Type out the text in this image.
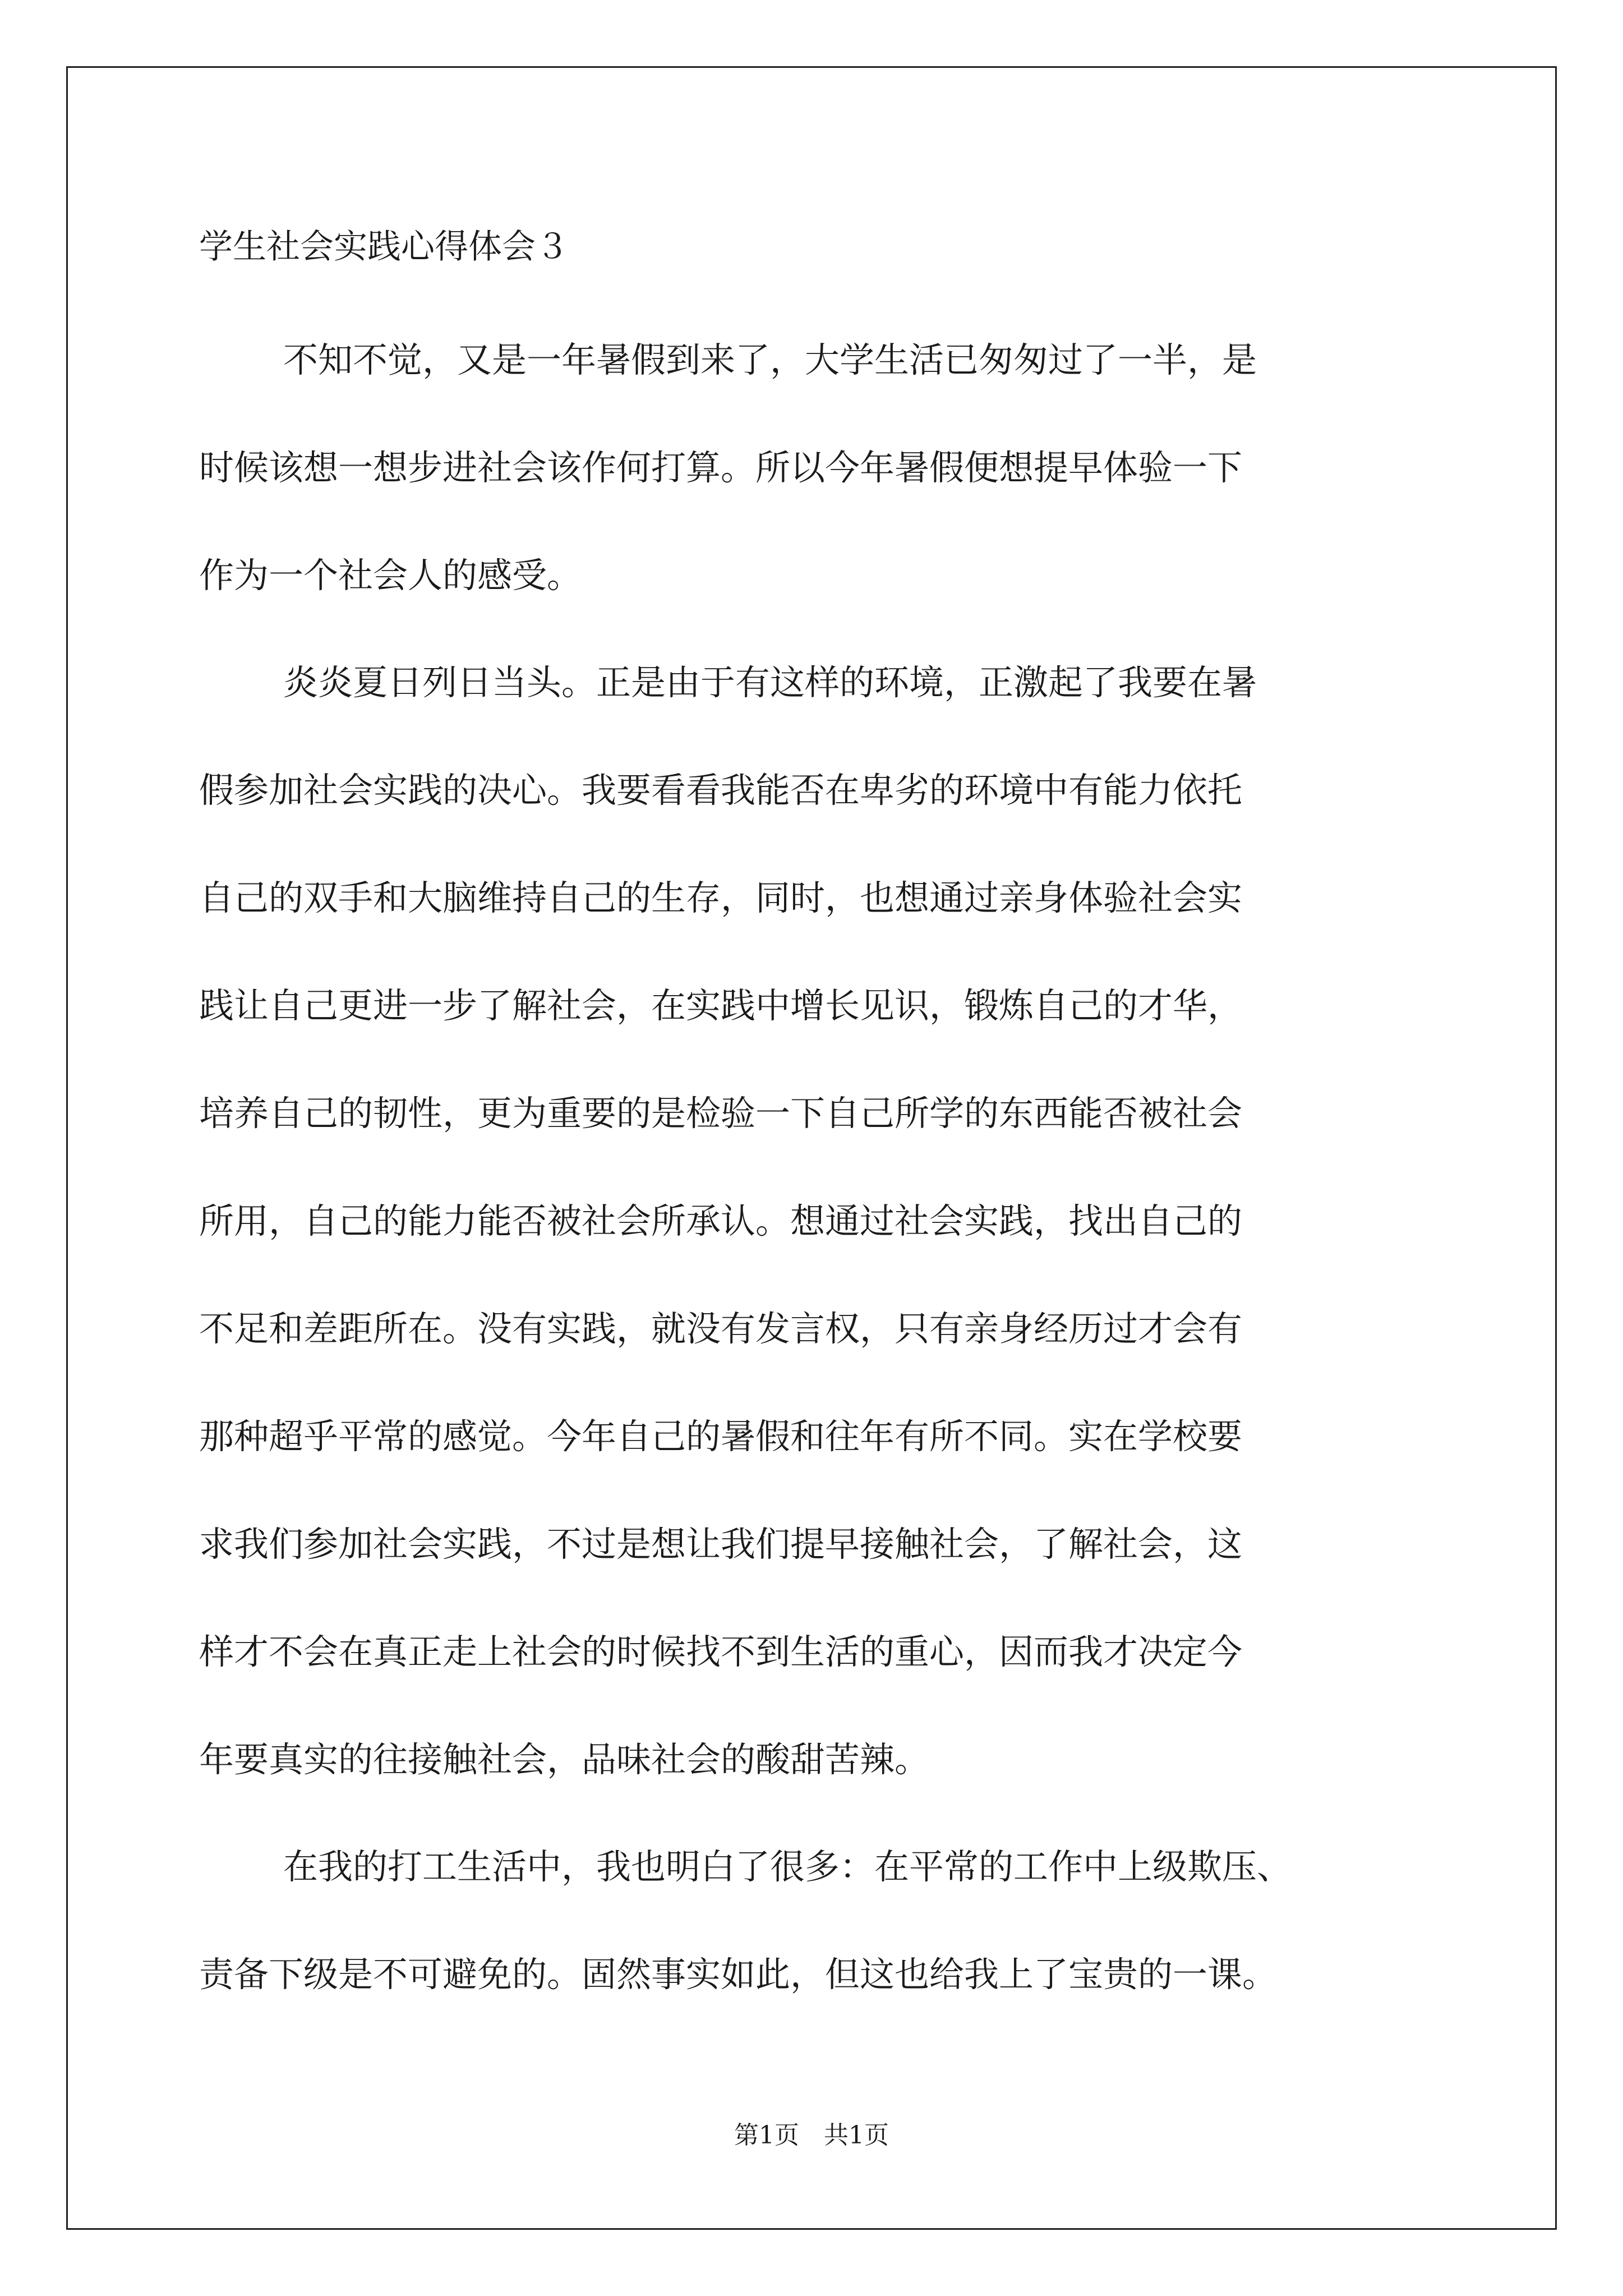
学生社会实践心得体会３
不知不觉，又是一年暑假到来了，大学生活已匆匆过了一半，是
时候该想一想步进社会该作何打算。所以今年暑假便想提早体验一下
作为一个社会人的感受。
炎炎夏日列日当头。正是由于有这样的环境，正激起了我要在暑
假参加社会实践的决心。我要看看我能否在卑劣的环境中有能力依托
自己的双手和大脑维持自己的生存，同时，也想通过亲身体验社会实
践让自己更进一步了解社会，在实践中增长见识，锻炼自己的才华，
培养自己的韧性，更为重要的是检验一下自己所学的东西能否被社会
所用，自己的能力能否被社会所承认。想通过社会实践，找出自己的
不足和差距所在。没有实践，就没有发言权，只有亲身经历过才会有
那种超乎平常的感觉。今年自己的暑假和往年有所不同。实在学校要
求我们参加社会实践，不过是想让我们提早接触社会，了解社会，这
样才不会在真正走上社会的时候找不到生活的重心，因而我才决定今
年要真实的往接触社会，品味社会的酸甜苦辣。
在我的打工生活中，我也明白了很多：在平常的工作中上级欺压、
责备下级是不可避免的。固然事实如此，但这也给我上了宝贵的一课。
第1页　共1页
